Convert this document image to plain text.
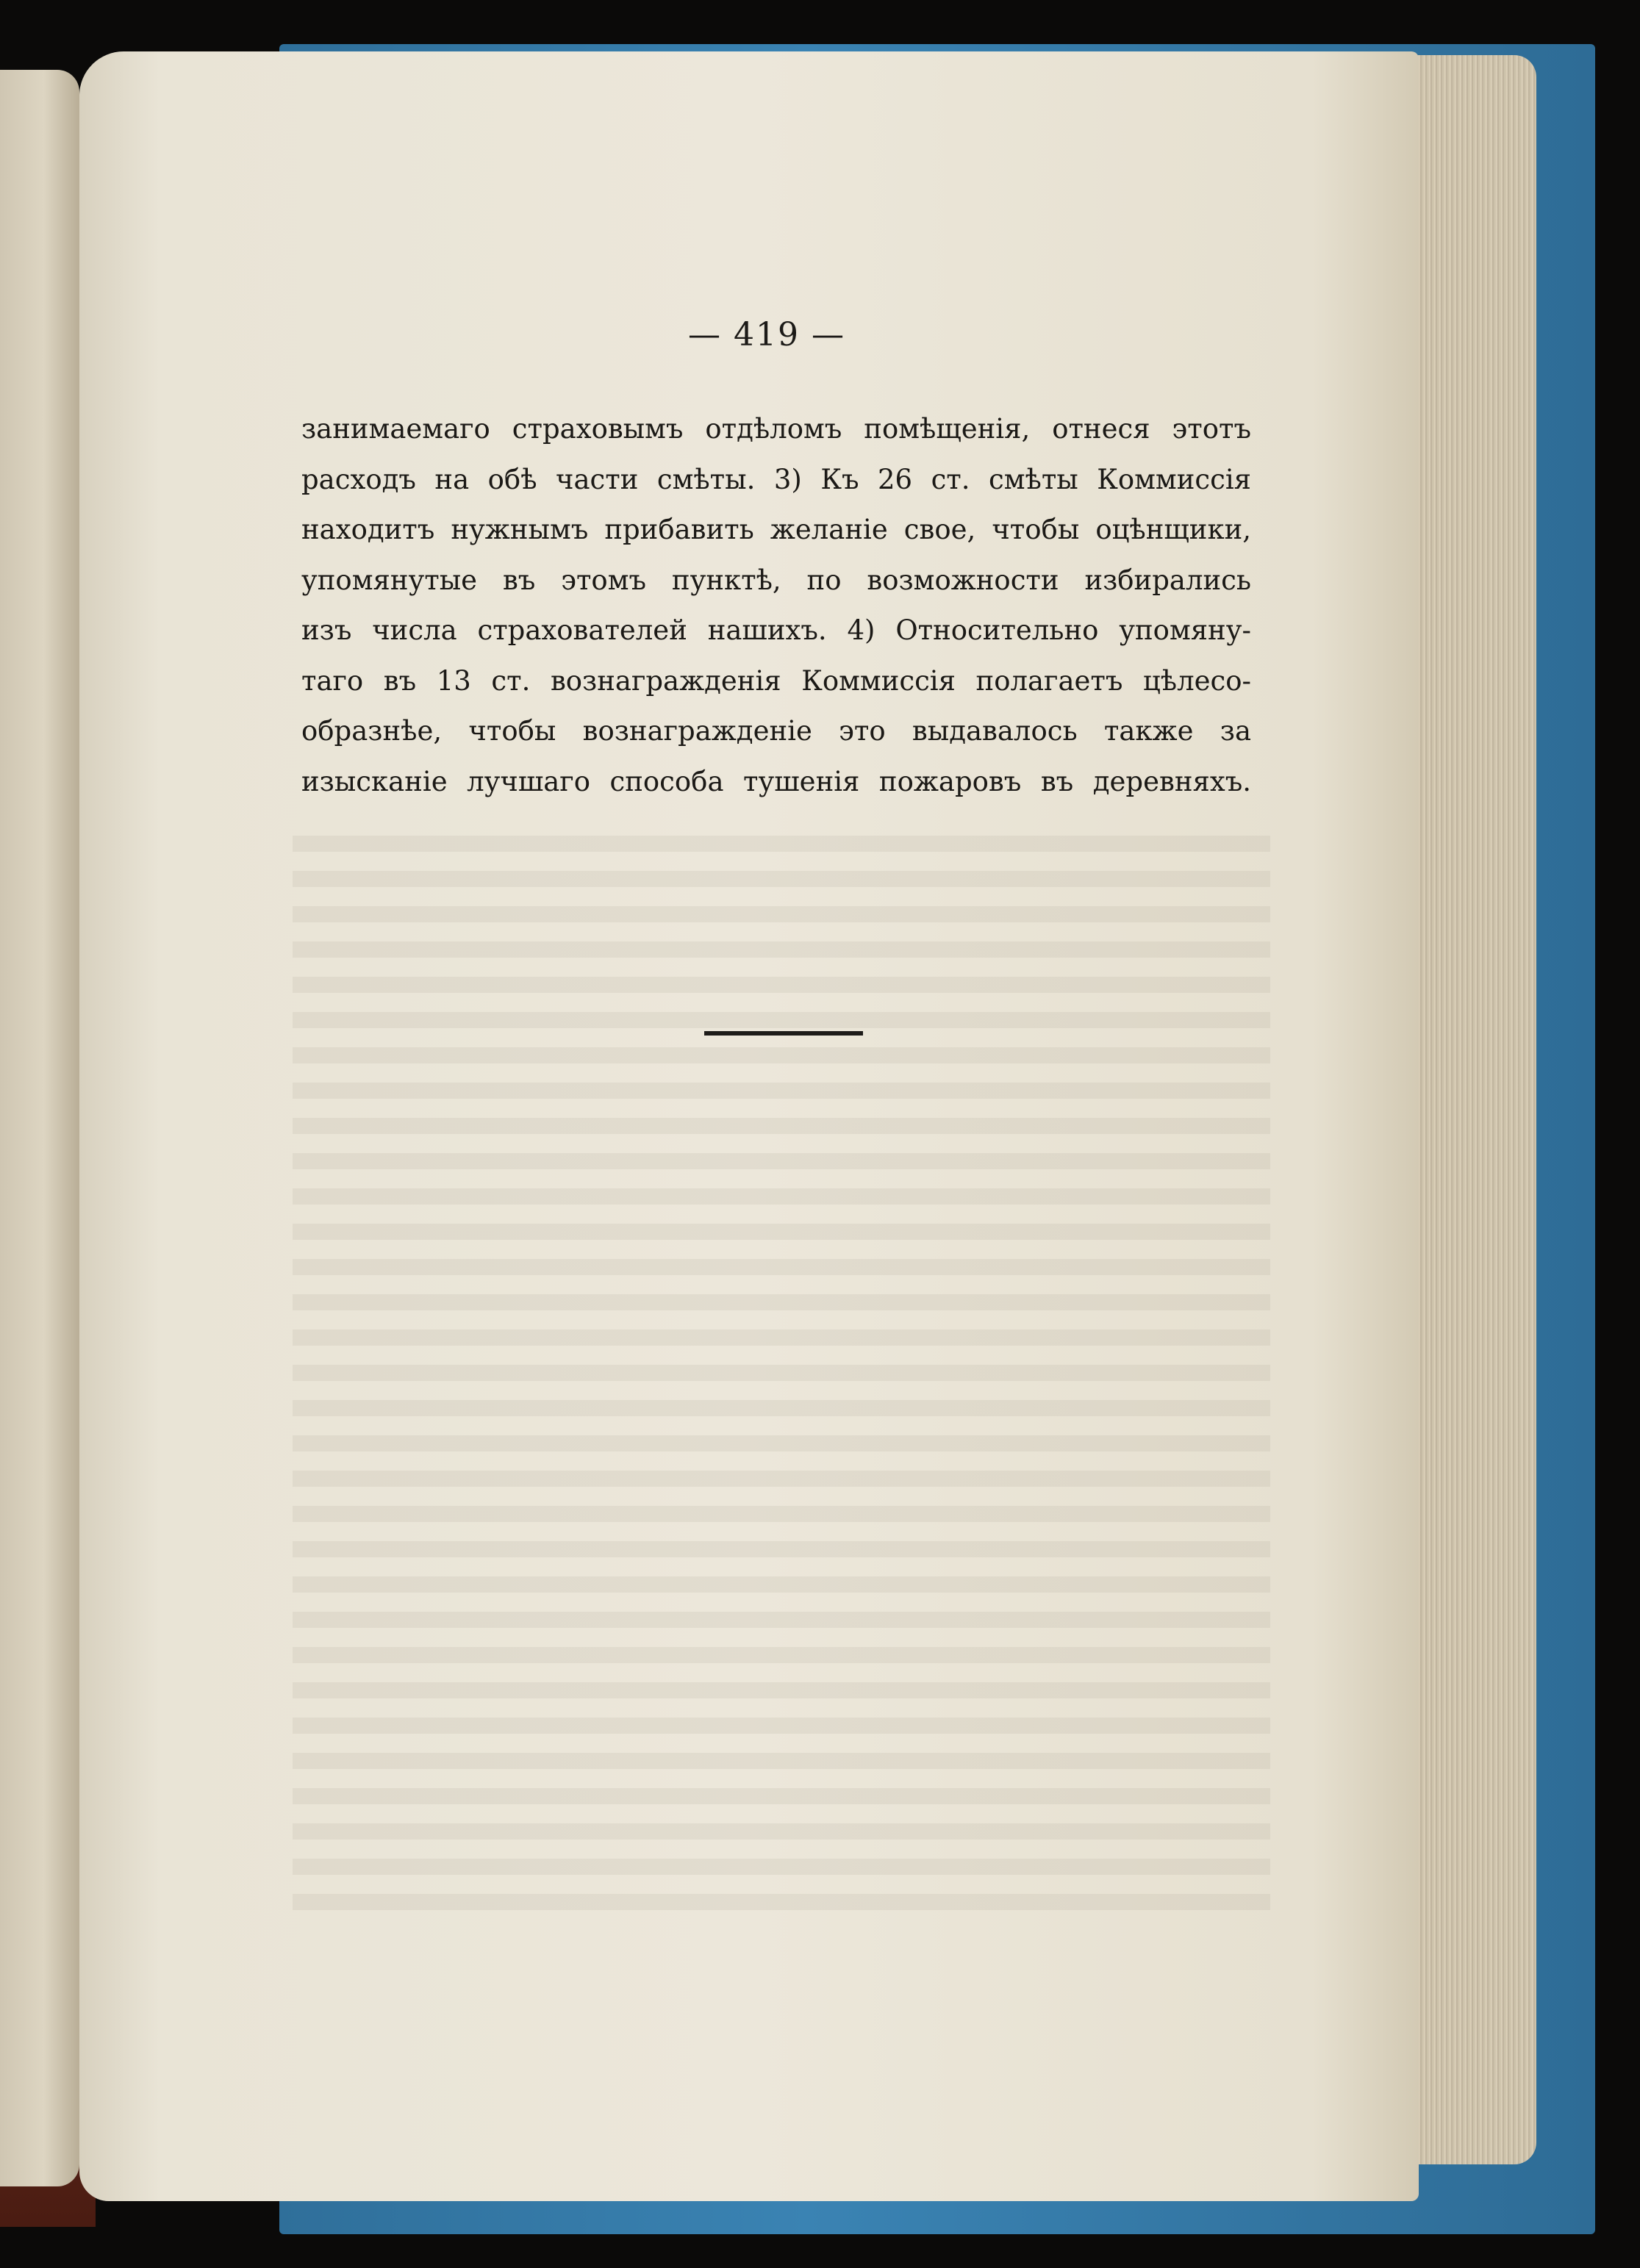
— 419 —
занимаемаго страховымъ отдѣломъ помѣщенія, отнеся этотъ
расходъ на обѣ части смѣты. 3) Къ 26 ст. смѣты Коммиссія
находитъ нужнымъ прибавить желаніе свое, чтобы оцѣнщики,
упомянутые въ этомъ пунктѣ, по возможности избирались
изъ числа страхователей нашихъ. 4) Относительно упомяну-
таго въ 13 ст. вознагражденія Коммиссія полагаетъ цѣлесо-
образнѣе, чтобы вознагражденіе это выдавалось также за
изысканіе лучшаго способа тушенія пожаровъ въ деревняхъ.
